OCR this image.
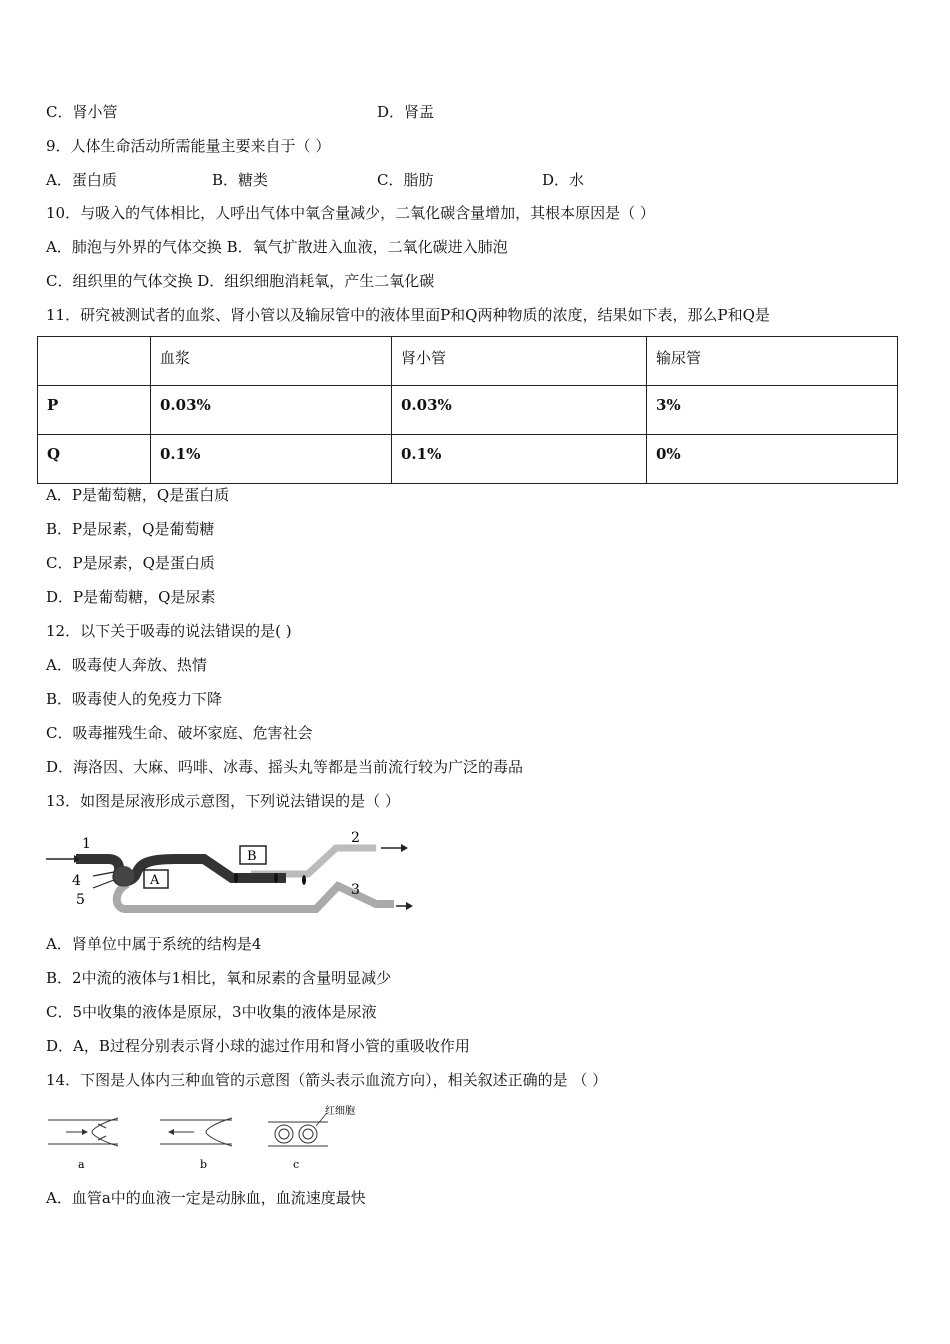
C．肾小管	D．肾盂
9．人体生命活动所需能量主要来自于（ ）
A．蛋白质	B．糖类	C．脂肪	D．水
10．与吸入的气体相比，人呼出气体中氧含量减少，二氧化碳含量增加，其根本原因是（ ）
A．肺泡与外界的气体交换 B．氧气扩散进入血液，二氧化碳进入肺泡
C．组织里的气体交换 D．组织细胞消耗氧，产生二氧化碳
11．研究被测试者的血浆、肾小管以及输尿管中的液体里面P和Q两种物质的浓度，结果如下表，那么P和Q是
	血浆	肾小管	输尿管
P	0.03%	0.03%	3%
Q	0.1%	0.1%	0%
A．P是葡萄糖，Q是蛋白质
B．P是尿素，Q是葡萄糖
C．P是尿素，Q是蛋白质
D．P是葡萄糖，Q是尿素
12．以下关于吸毒的说法错误的是( )
A．吸毒使人奔放、热情
B．吸毒使人的免疫力下降
C．吸毒摧残生命、破坏家庭、危害社会
D．海洛因、大麻、吗啡、冰毒、摇头丸等都是当前流行较为广泛的毒品
13．如图是尿液形成示意图，下列说法错误的是（ ）
1	2
3
4
5
A
B
A．肾单位中属于系统的结构是4
B．2中流的液体与1相比，氧和尿素的含量明显减少
C．5中收集的液体是原尿，3中收集的液体是尿液
D．A，B过程分别表示肾小球的滤过作用和肾小管的重吸收作用
14．下图是人体内三种血管的示意图（箭头表示血流方向），相关叙述正确的是 （ ）
a	b
红细胞
c
A．血管a中的血液一定是动脉血，血流速度最快
